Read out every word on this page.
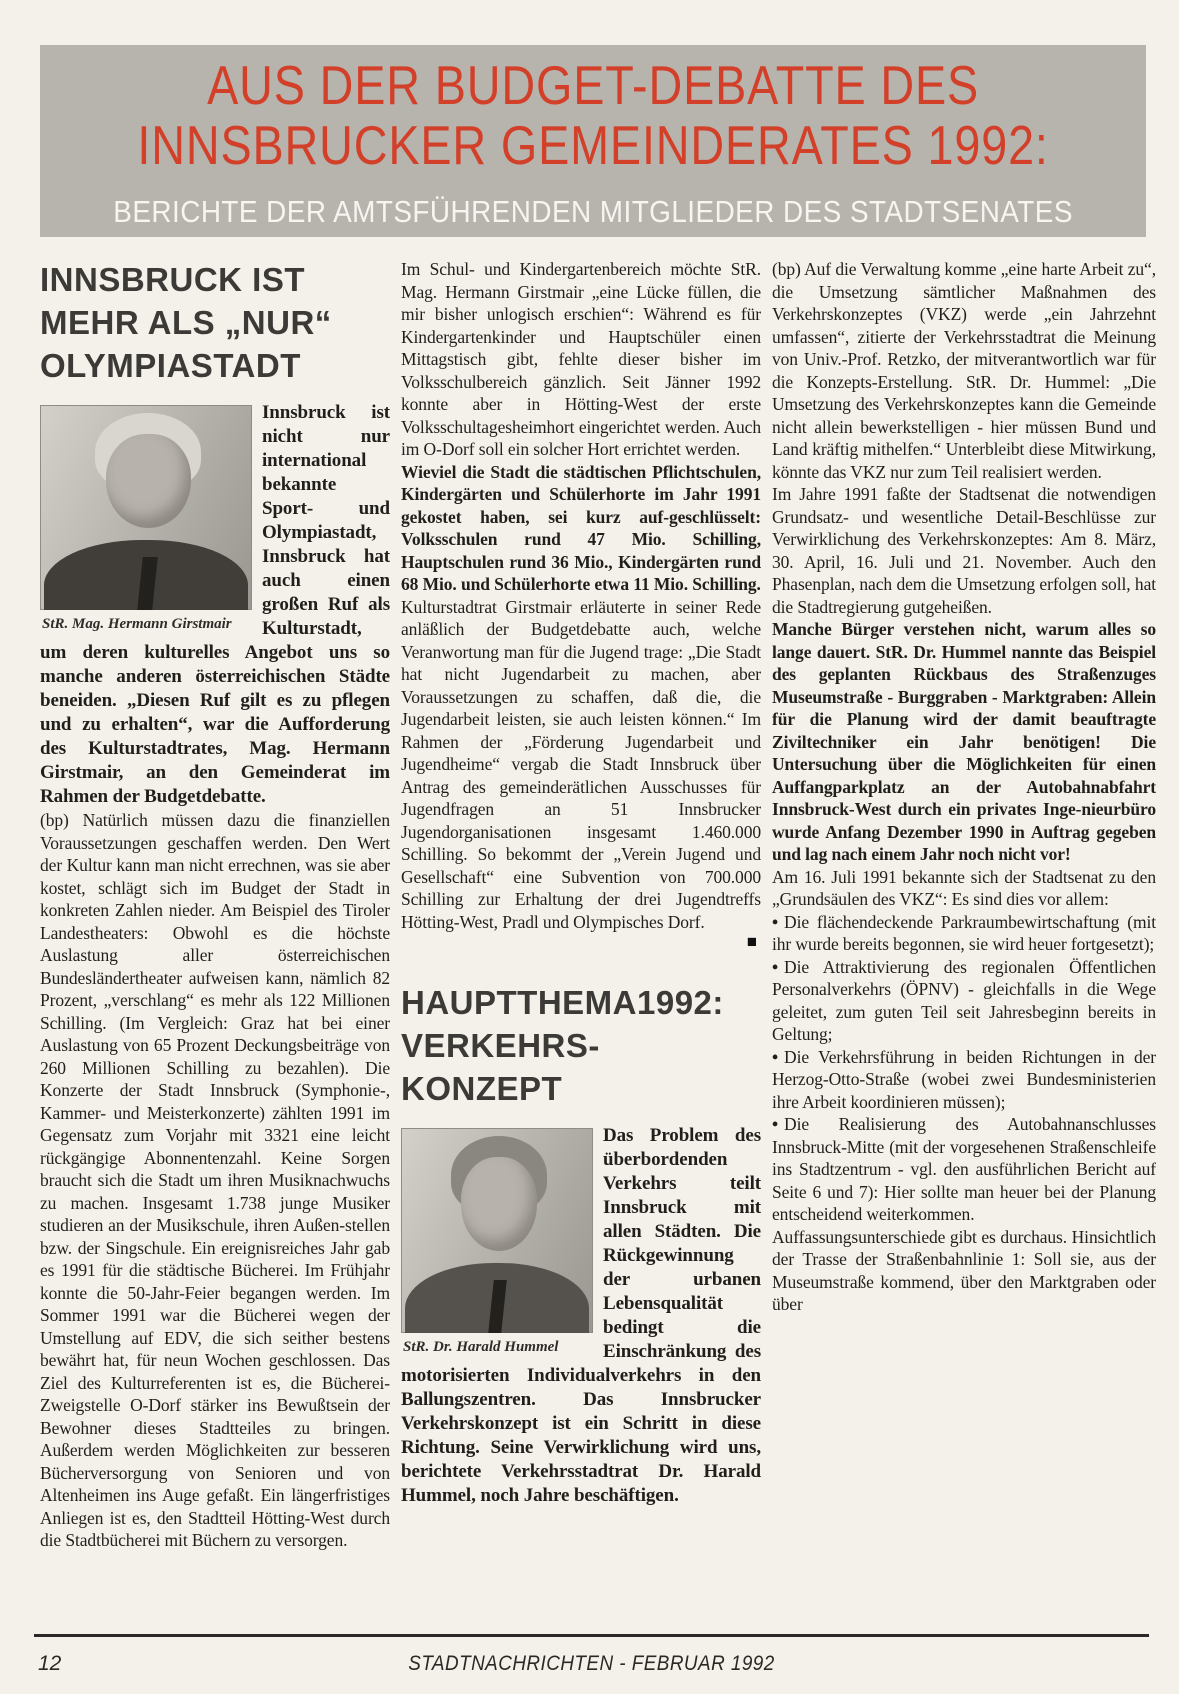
AUS DER BUDGET-DEBATTE DES
INNSBRUCKER GEMEINDERATES 1992:
BERICHTE DER AMTSFÜHRENDEN MITGLIEDER DES STADTSENATES
INNSBRUCK IST
MEHR ALS „NUR“
OLYMPIASTADT

StR. Mag. Hermann Girstmair
Innsbruck ist nicht nur international bekannte Sport- und Olympiastadt, Innsbruck hat auch einen großen Ruf als Kulturstadt, um deren kulturelles Angebot uns so manche anderen österreichischen Städte beneiden. „Diesen Ruf gilt es zu pflegen und zu erhalten“, war die Aufforderung des Kulturstadtrates, Mag. Hermann Girstmair, an den Gemeinderat im Rahmen der Budgetdebatte.

(bp) Natürlich müssen dazu die finanziellen Voraussetzungen geschaffen werden. Den Wert der Kultur kann man nicht errechnen, was sie aber kostet, schlägt sich im Budget der Stadt in konkreten Zahlen nieder. Am Beispiel des Tiroler Landestheaters: Obwohl es die höchste Auslastung aller österreichischen Bundesländertheater aufweisen kann, nämlich 82 Prozent, „verschlang“ es mehr als 122 Millionen Schilling. (Im Vergleich: Graz hat bei einer Auslastung von 65 Prozent Deckungsbeiträge von 260 Millionen Schilling zu bezahlen). Die Konzerte der Stadt Innsbruck (Symphonie-, Kammer- und Meisterkonzerte) zählten 1991 im Gegensatz zum Vorjahr mit 3321 eine leicht rückgängige Abonnentenzahl. Keine Sorgen braucht sich die Stadt um ihren Musiknachwuchs zu machen. Insgesamt 1.738 junge Musiker studieren an der Musikschule, ihren Außen-stellen bzw. der Singschule. Ein ereignisreiches Jahr gab es 1991 für die städtische Bücherei. Im Frühjahr konnte die 50-Jahr-Feier begangen werden. Im Sommer 1991 war die Bücherei wegen der Umstellung auf EDV, die sich seither bestens bewährt hat, für neun Wochen geschlossen. Das Ziel des Kulturreferenten ist es, die Bücherei-Zweigstelle O-Dorf stärker ins Bewußtsein der Bewohner dieses Stadtteiles zu bringen. Außerdem werden Möglichkeiten zur besseren Bücherversorgung von Senioren und von Altenheimen ins Auge gefaßt. Ein längerfristiges Anliegen ist es, den Stadtteil Hötting-West durch die Stadtbücherei mit Büchern zu versorgen.

Im Schul- und Kindergartenbereich möchte StR. Mag. Hermann Girstmair „eine Lücke füllen, die mir bisher unlogisch erschien“: Während es für Kindergartenkinder und Hauptschüler einen Mittagstisch gibt, fehlte dieser bisher im Volksschulbereich gänzlich. Seit Jänner 1992 konnte aber in Hötting-West der erste Volksschultagesheimhort eingerichtet werden. Auch im O-Dorf soll ein solcher Hort errichtet werden.

Wieviel die Stadt die städtischen Pflichtschulen, Kindergärten und Schülerhorte im Jahr 1991 gekostet haben, sei kurz auf-geschlüsselt: Volksschulen rund 47 Mio. Schilling, Hauptschulen rund 36 Mio., Kindergärten rund 68 Mio. und Schülerhorte etwa 11 Mio. Schilling.

Kulturstadtrat Girstmair erläuterte in seiner Rede anläßlich der Budgetdebatte auch, welche Veranwortung man für die Jugend trage: „Die Stadt hat nicht Jugendarbeit zu machen, aber Voraussetzungen zu schaffen, daß die, die Jugendarbeit leisten, sie auch leisten können.“ Im Rahmen der „Förderung Jugendarbeit und Jugendheime“ vergab die Stadt Innsbruck über Antrag des gemeinderätlichen Ausschusses für Jugendfragen an 51 Innsbrucker Jugendorganisationen insgesamt 1.460.000 Schilling. So bekommt der „Verein Jugend und Gesellschaft“ eine Subvention von 700.000 Schilling zur Erhaltung der drei Jugendtreffs Hötting-West, Pradl und Olympisches Dorf.

■
HAUPTTHEMA1992:
VERKEHRS-
KONZEPT

StR. Dr. Harald Hummel
Das Problem des überbordenden Verkehrs teilt Innsbruck mit allen Städten. Die Rückgewinnung der urbanen Lebensqualität bedingt die Einschränkung des motorisierten Individualverkehrs in den Ballungszentren. Das Innsbrucker Verkehrskonzept ist ein Schritt in diese Richtung. Seine Verwirklichung wird uns, berichtete Verkehrsstadtrat Dr. Harald Hummel, noch Jahre beschäftigen.

(bp) Auf die Verwaltung komme „eine harte Arbeit zu“, die Umsetzung sämtlicher Maßnahmen des Verkehrskonzeptes (VKZ) werde „ein Jahrzehnt umfassen“, zitierte der Verkehrsstadtrat die Meinung von Univ.-Prof. Retzko, der mitverantwortlich war für die Konzepts-Erstellung. StR. Dr. Hummel: „Die Umsetzung des Verkehrskonzeptes kann die Gemeinde nicht allein bewerkstelligen - hier müssen Bund und Land kräftig mithelfen.“ Unterbleibt diese Mitwirkung, könnte das VKZ nur zum Teil realisiert werden.

Im Jahre 1991 faßte der Stadtsenat die notwendigen Grundsatz- und wesentliche Detail-Beschlüsse zur Verwirklichung des Verkehrskonzeptes: Am 8. März, 30. April, 16. Juli und 21. November. Auch den Phasenplan, nach dem die Umsetzung erfolgen soll, hat die Stadtregierung gutgeheißen.

Manche Bürger verstehen nicht, warum alles so lange dauert. StR. Dr. Hummel nannte das Beispiel des geplanten Rückbaus des Straßenzuges Museumstraße - Burggraben - Marktgraben: Allein für die Planung wird der damit beauftragte Ziviltechniker ein Jahr benötigen! Die Untersuchung über die Möglichkeiten für einen Auffangparkplatz an der Autobahnabfahrt Innsbruck-West durch ein privates Inge-nieurbüro wurde Anfang Dezember 1990 in Auftrag gegeben und lag nach einem Jahr noch nicht vor!

Am 16. Juli 1991 bekannte sich der Stadtsenat zu den „Grundsäulen des VKZ“: Es sind dies vor allem:

• Die flächendeckende Parkraumbewirtschaftung (mit ihr wurde bereits begonnen, sie wird heuer fortgesetzt);

• Die Attraktivierung des regionalen Öffentlichen Personalverkehrs (ÖPNV) - gleichfalls in die Wege geleitet, zum guten Teil seit Jahresbeginn bereits in Geltung;

• Die Verkehrsführung in beiden Richtungen in der Herzog-Otto-Straße (wobei zwei Bundesministerien ihre Arbeit koordinieren müssen);

• Die Realisierung des Autobahnanschlusses Innsbruck-Mitte (mit der vorgesehenen Straßenschleife ins Stadtzentrum - vgl. den ausführlichen Bericht auf Seite 6 und 7): Hier sollte man heuer bei der Planung entscheidend weiterkommen.

Auffassungsunterschiede gibt es durchaus. Hinsichtlich der Trasse der Straßenbahnlinie 1: Soll sie, aus der Museumstraße kommend, über den Marktgraben oder über

12	STADTNACHRICHTEN - FEBRUAR 1992
